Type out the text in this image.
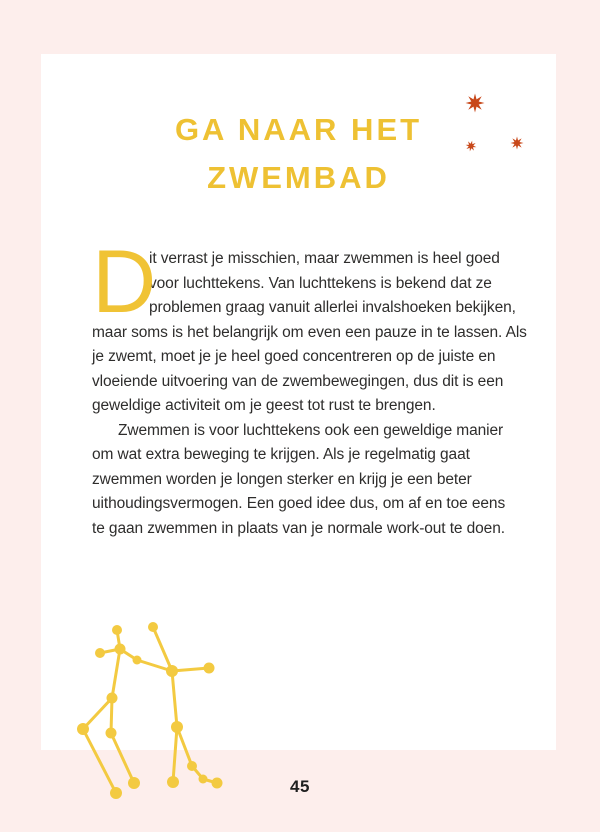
GA NAAR HET
ZWEMBAD
D
it verrast je misschien, maar zwemmen is heel goed
voor luchttekens. Van luchttekens is bekend dat ze
problemen graag vanuit allerlei invalshoeken bekijken,
maar soms is het belangrijk om even een pauze in te lassen. Als
je zwemt, moet je je heel goed concentreren op de juiste en
vloeiende uitvoering van de zwembewegingen, dus dit is een
geweldige activiteit om je geest tot rust te brengen.
Zwemmen is voor luchttekens ook een geweldige manier
om wat extra beweging te krijgen. Als je regelmatig gaat
zwemmen worden je longen sterker en krijg je een beter
uithoudingsvermogen. Een goed idee dus, om af en toe eens
te gaan zwemmen in plaats van je normale work-out te doen.
45
